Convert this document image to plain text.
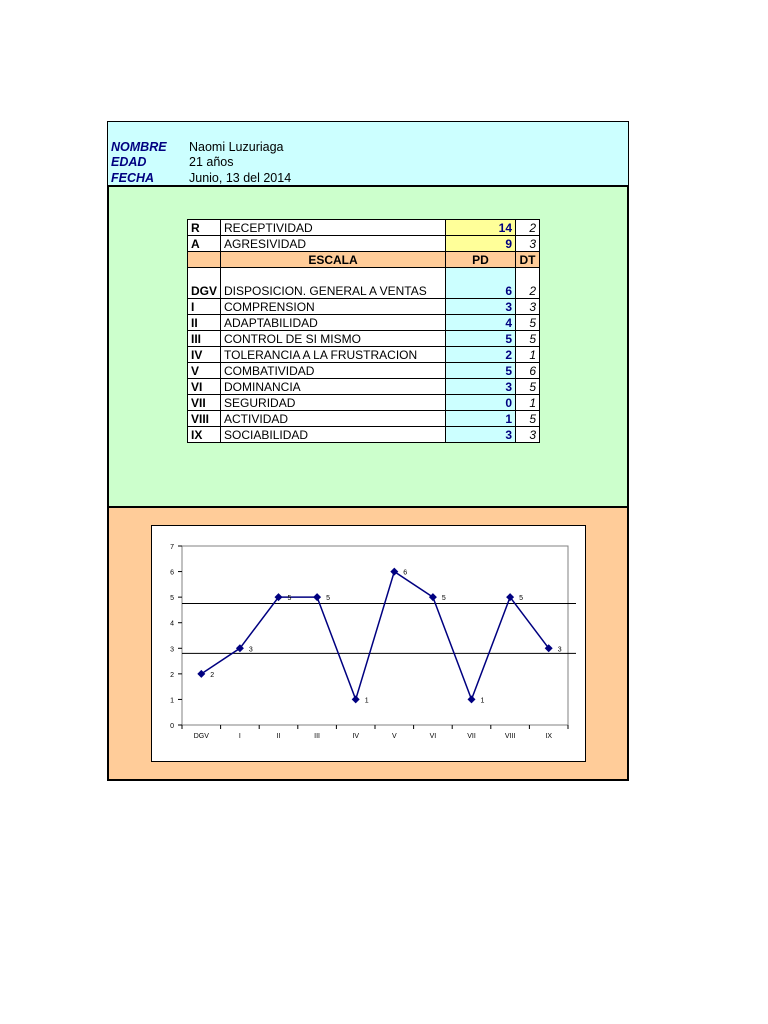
NOMBRE	Naomi Luzuriaga
EDAD	21 años
FECHA	Junio, 13 del 2014
R	RECEPTIVIDAD	14	2
A	AGRESIVIDAD	9	3
	ESCALA	PD	DT

DGV	DISPOSICION. GENERAL A VENTAS	6	2
I	COMPRENSION	3	3
II	ADAPTABILIDAD	4	5
III	CONTROL DE SI MISMO	5	5
IV	TOLERANCIA A LA FRUSTRACION	2	1
V	COMBATIVIDAD	5	6
VI	DOMINANCIA	3	5
VII	SEGURIDAD	0	1
VIII	ACTIVIDAD	1	5
IX	SOCIABILIDAD	3	3
0
1
2
3
4
5
6
7
DGV	I	II	III	IV	V	VI	VII	VIII	IX
2
3
5	5
1
6
5
1
5
3
